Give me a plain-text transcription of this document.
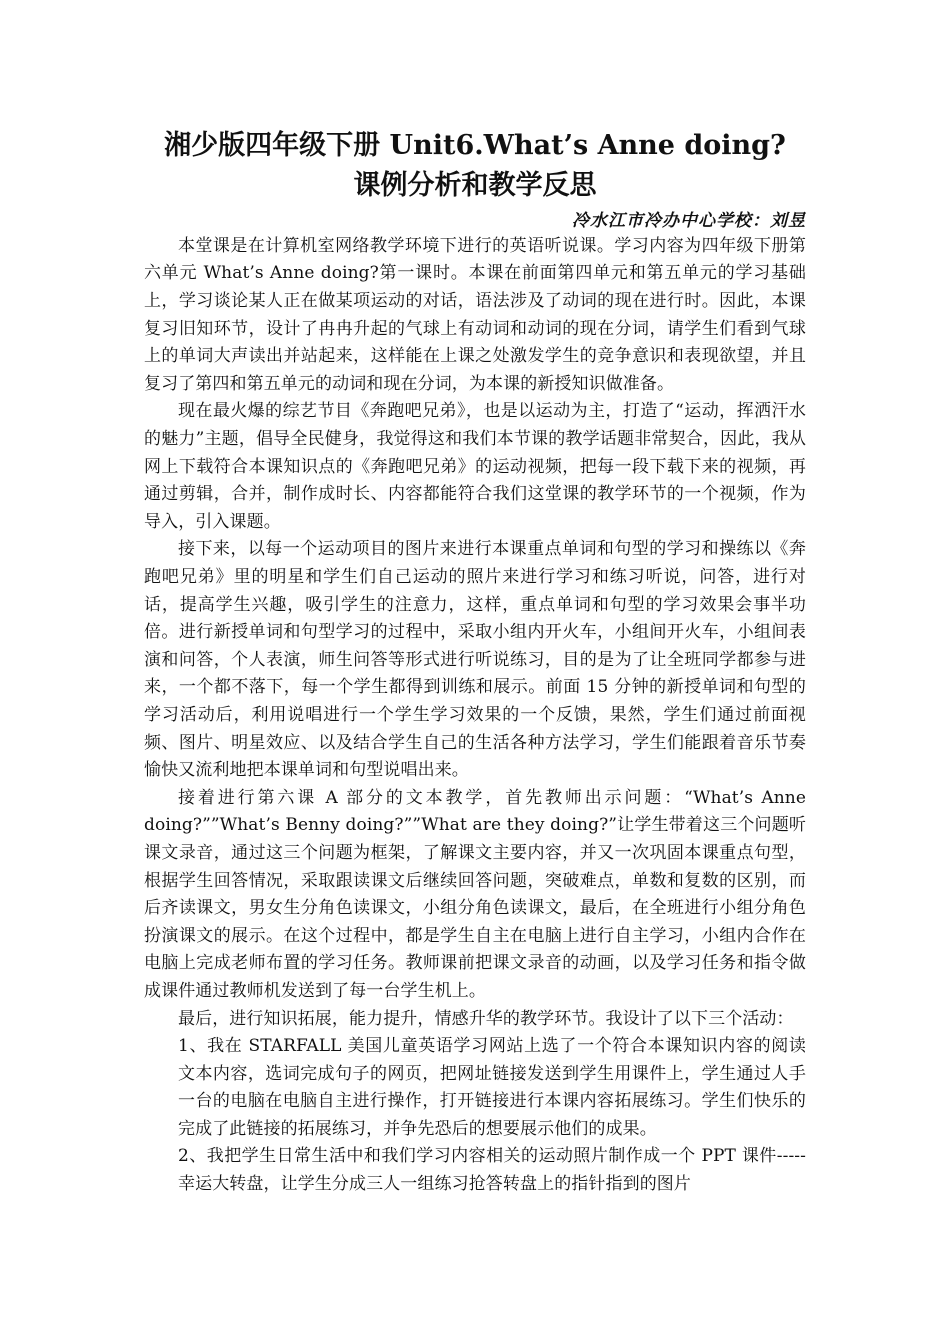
湘少版四年级下册 Unit6.What’s Anne doing?
课例分析和教学反思

冷水江市冷办中心学校：刘昱

本堂课是在计算机室网络教学环境下进行的英语听说课。学习内容为四年级下册第六单元 What’s Anne doing?第一课时。本课在前面第四单元和第五单元的学习基础上，学习谈论某人正在做某项运动的对话，语法涉及了动词的现在进行时。因此，本课复习旧知环节，设计了冉冉升起的气球上有动词和动词的现在分词，请学生们看到气球上的单词大声读出并站起来，这样能在上课之处激发学生的竞争意识和表现欲望，并且复习了第四和第五单元的动词和现在分词，为本课的新授知识做准备。

现在最火爆的综艺节目《奔跑吧兄弟》，也是以运动为主，打造了“运动，挥洒汗水的魅力”主题，倡导全民健身，我觉得这和我们本节课的教学话题非常契合，因此，我从网上下载符合本课知识点的《奔跑吧兄弟》的运动视频，把每一段下载下来的视频，再通过剪辑，合并，制作成时长、内容都能符合我们这堂课的教学环节的一个视频，作为导入，引入课题。

接下来，以每一个运动项目的图片来进行本课重点单词和句型的学习和操练以《奔跑吧兄弟》里的明星和学生们自己运动的照片来进行学习和练习听说，问答，进行对话，提高学生兴趣，吸引学生的注意力，这样，重点单词和句型的学习效果会事半功倍。进行新授单词和句型学习的过程中，采取小组内开火车，小组间开火车，小组间表演和问答，个人表演，师生问答等形式进行听说练习，目的是为了让全班同学都参与进来，一个都不落下，每一个学生都得到训练和展示。前面 15 分钟的新授单词和句型的学习活动后，利用说唱进行一个学生学习效果的一个反馈，果然，学生们通过前面视频、图片、明星效应、以及结合学生自己的生活各种方法学习，学生们能跟着音乐节奏愉快又流利地把本课单词和句型说唱出来。

接着进行第六课 A 部分的文本教学，首先教师出示问题：“What’s Anne doing?””What’s Benny doing?””What are they doing?”让学生带着这三个问题听课文录音，通过这三个问题为框架，了解课文主要内容，并又一次巩固本课重点句型，根据学生回答情况，采取跟读课文后继续回答问题，突破难点，单数和复数的区别，而后齐读课文，男女生分角色读课文，小组分角色读课文，最后，在全班进行小组分角色扮演课文的展示。在这个过程中，都是学生自主在电脑上进行自主学习，小组内合作在电脑上完成老师布置的学习任务。教师课前把课文录音的动画，以及学习任务和指令做成课件通过教师机发送到了每一台学生机上。

最后，进行知识拓展，能力提升，情感升华的教学环节。我设计了以下三个活动：

1、我在 STARFALL 美国儿童英语学习网站上选了一个符合本课知识内容的阅读文本内容，选词完成句子的网页，把网址链接发送到学生用课件上，学生通过人手一台的电脑在电脑自主进行操作，打开链接进行本课内容拓展练习。学生们快乐的完成了此链接的拓展练习，并争先恐后的想要展示他们的成果。

2、我把学生日常生活中和我们学习内容相关的运动照片制作成一个 PPT 课件-----幸运大转盘，让学生分成三人一组练习抢答转盘上的指针指到的图片
